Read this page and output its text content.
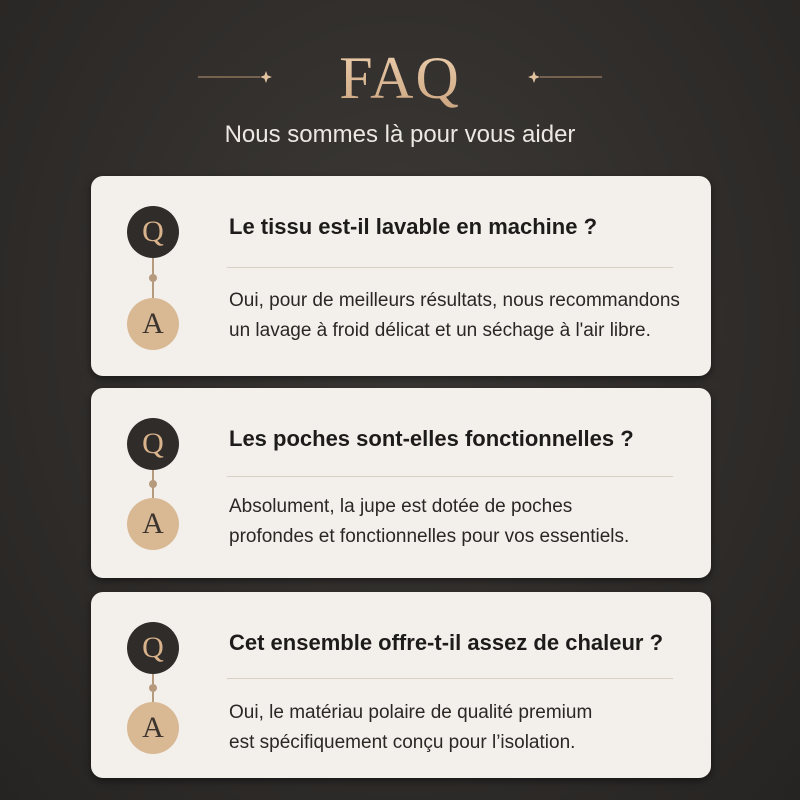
FAQ
Nous sommes là pour vous aider
Q
A
Le tissu est-il lavable en machine ?
Oui, pour de meilleurs résultats, nous recommandons
un lavage à froid délicat et un séchage à l'air libre.
Q
A
Les poches sont-elles fonctionnelles ?
Absolument, la jupe est dotée de poches
profondes et fonctionnelles pour vos essentiels.
Q
A
Cet ensemble offre-t-il assez de chaleur ?
Oui, le matériau polaire de qualité premium
est spécifiquement conçu pour l’isolation.
